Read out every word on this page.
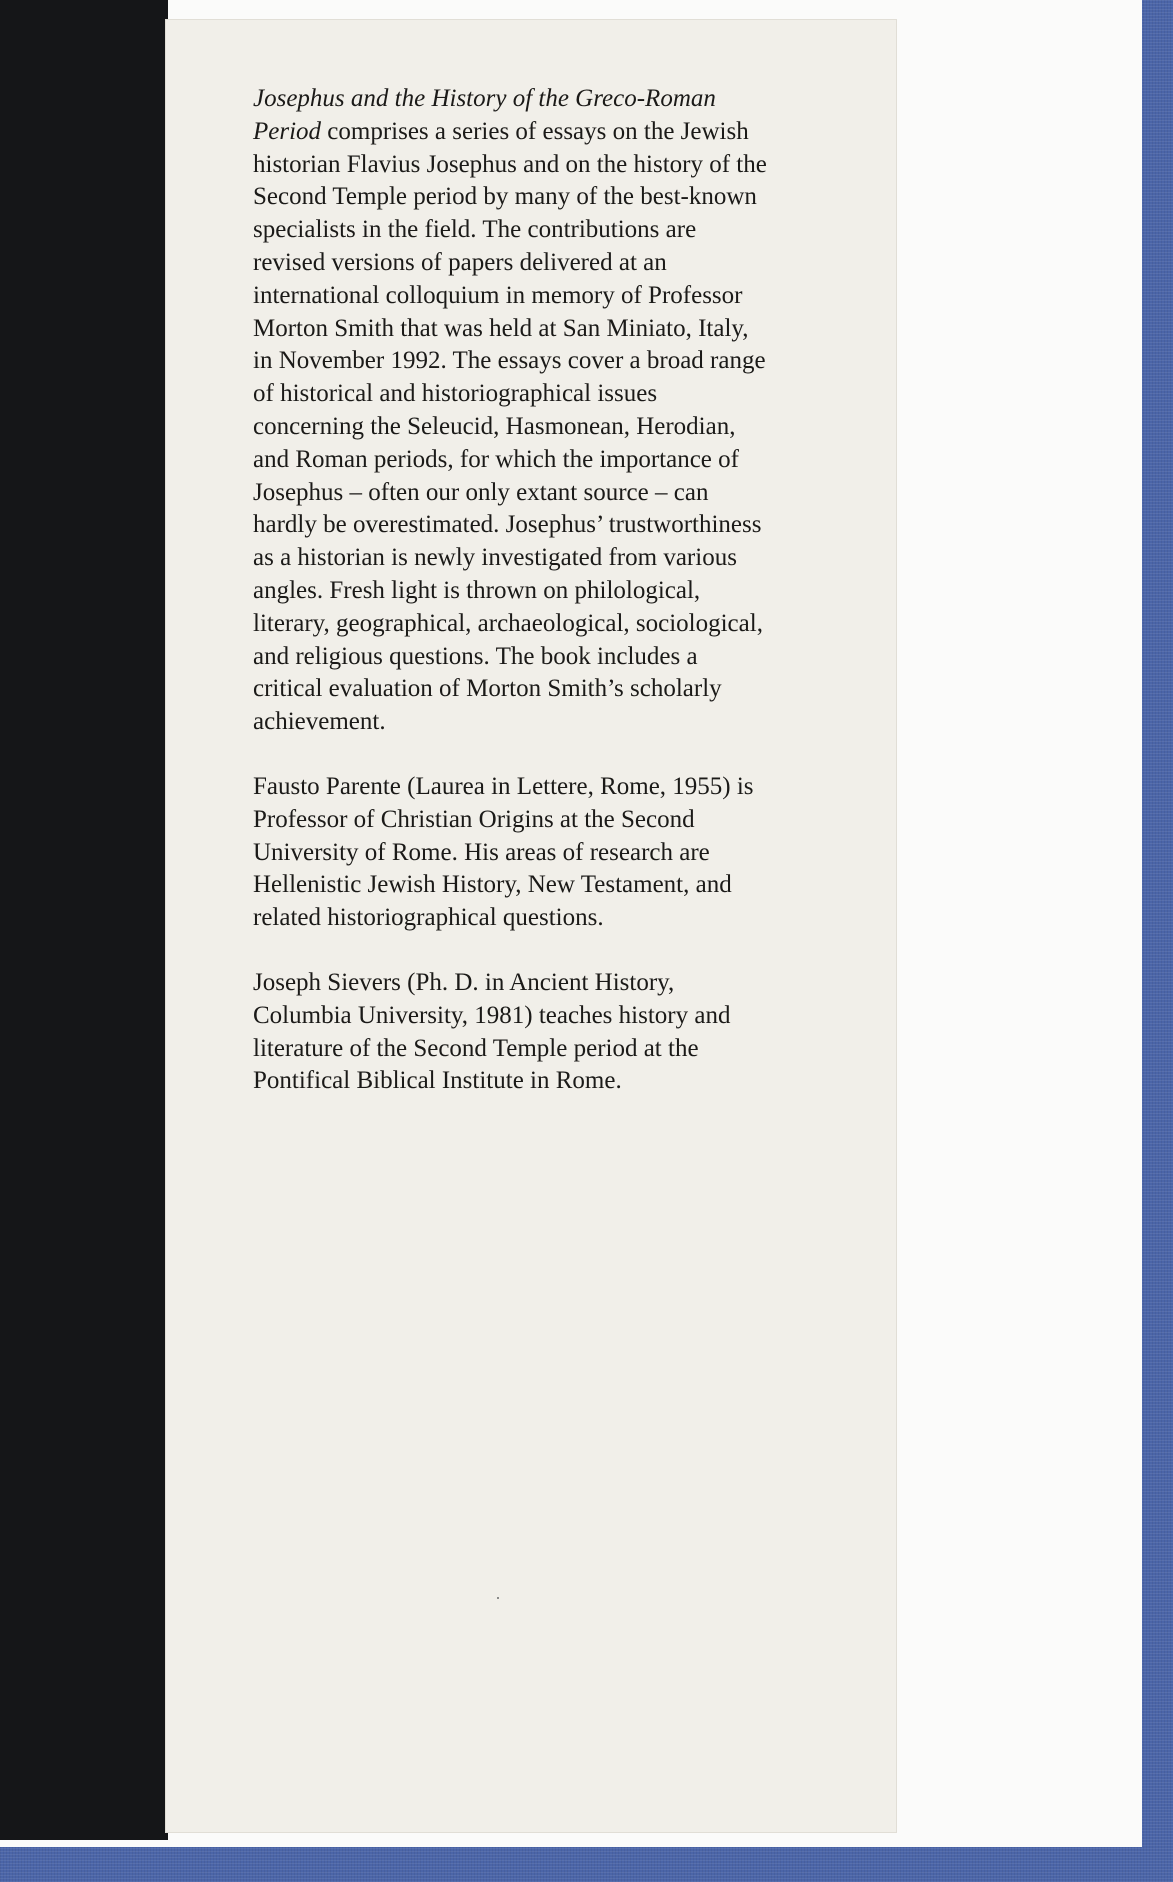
Josephus and the History of the Greco-Roman Period comprises a series of essays on the Jewish historian Flavius Josephus and on the history of the Second Temple period by many of the best-known specialists in the field. The contributions are revised versions of papers delivered at an international colloquium in memory of Professor Morton Smith that was held at San Miniato, Italy, in November 1992. The essays cover a broad range of historical and historiographical issues concerning the Seleucid, Hasmonean, Herodian, and Roman periods, for which the importance of Josephus – often our only extant source – can hardly be overestimated. Josephus’ trustworthiness as a historian is newly investigated from various angles. Fresh light is thrown on philological, literary, geographical, archaeological, sociological, and religious questions. The book includes a critical evaluation of Morton Smith’s scholarly achievement.

Fausto Parente (Laurea in Lettere, Rome, 1955) is Professor of Christian Origins at the Second University of Rome. His areas of research are Hellenistic Jewish History, New Testament, and related historiographical questions.

Joseph Sievers (Ph. D. in Ancient History, Columbia University, 1981) teaches history and literature of the Second Temple period at the Pontifical Biblical Institute in Rome.
